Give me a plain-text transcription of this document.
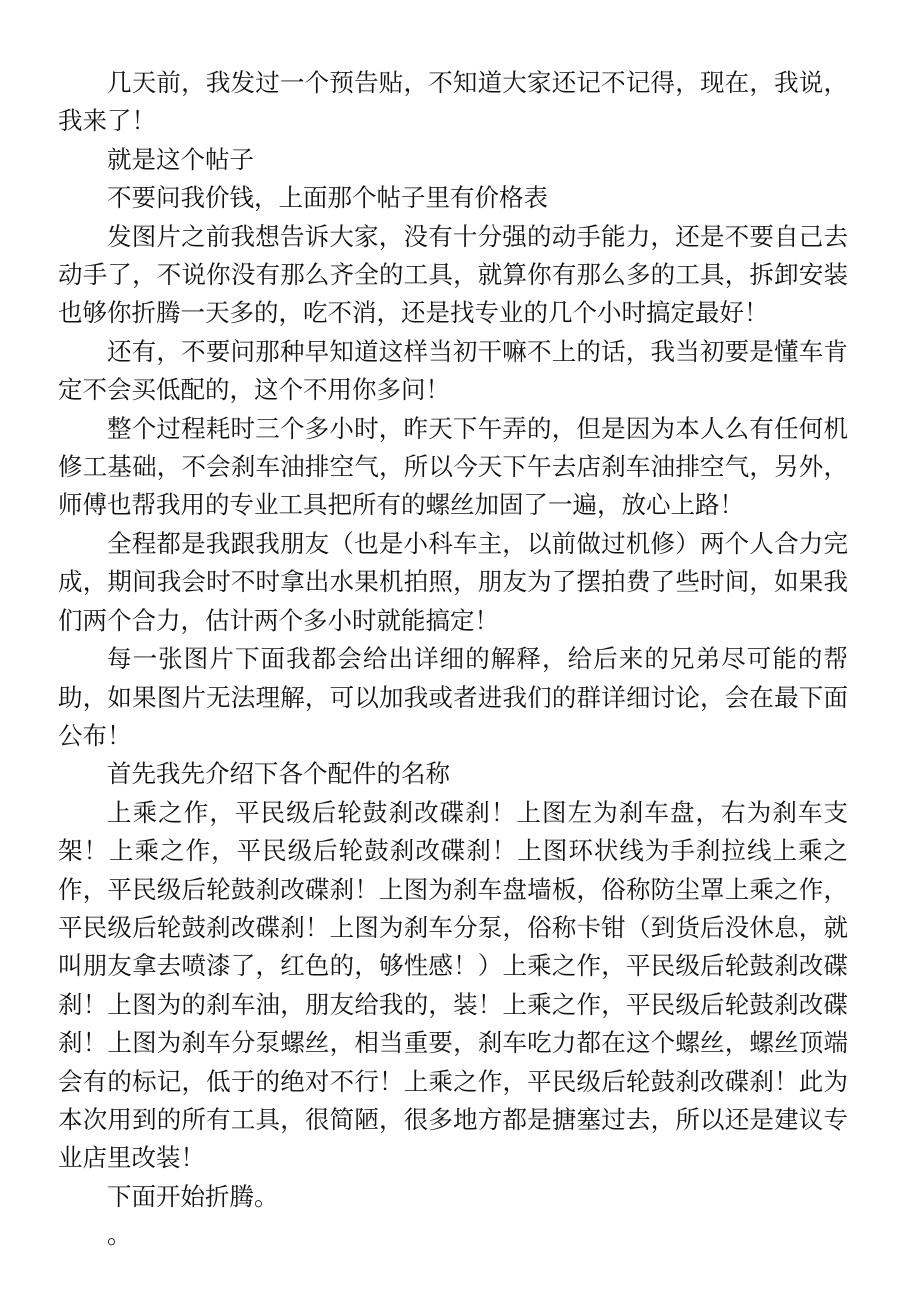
几天前，我发过一个预告贴，不知道大家还记不记得，现在，我说，我来了！

就是这个帖子

不要问我价钱，上面那个帖子里有价格表

发图片之前我想告诉大家，没有十分强的动手能力，还是不要自己去动手了，不说你没有那么齐全的工具，就算你有那么多的工具，拆卸安装也够你折腾一天多的，吃不消，还是找专业的几个小时搞定最好！

还有，不要问那种早知道这样当初干嘛不上的话，我当初要是懂车肯定不会买低配的，这个不用你多问！

整个过程耗时三个多小时，昨天下午弄的，但是因为本人么有任何机修工基础，不会刹车油排空气，所以今天下午去店刹车油排空气，另外，师傅也帮我用的专业工具把所有的螺丝加固了一遍，放心上路！

全程都是我跟我朋友（也是小科车主，以前做过机修）两个人合力完成，期间我会时不时拿出水果机拍照，朋友为了摆拍费了些时间，如果我们两个合力，估计两个多小时就能搞定！

每一张图片下面我都会给出详细的解释，给后来的兄弟尽可能的帮助，如果图片无法理解，可以加我或者进我们的群详细讨论，会在最下面公布！

首先我先介绍下各个配件的名称

上乘之作，平民级后轮鼓刹改碟刹！上图左为刹车盘，右为刹车支架！上乘之作，平民级后轮鼓刹改碟刹！上图环状线为手刹拉线上乘之作，平民级后轮鼓刹改碟刹！上图为刹车盘墙板，俗称防尘罩上乘之作，平民级后轮鼓刹改碟刹！上图为刹车分泵，俗称卡钳（到货后没休息，就叫朋友拿去喷漆了，红色的，够性感！）上乘之作，平民级后轮鼓刹改碟刹！上图为的刹车油，朋友给我的，装！上乘之作，平民级后轮鼓刹改碟刹！上图为刹车分泵螺丝，相当重要，刹车吃力都在这个螺丝，螺丝顶端会有的标记，低于的绝对不行！上乘之作，平民级后轮鼓刹改碟刹！此为本次用到的所有工具，很简陋，很多地方都是搪塞过去，所以还是建议专业店里改装！

下面开始折腾。

。
